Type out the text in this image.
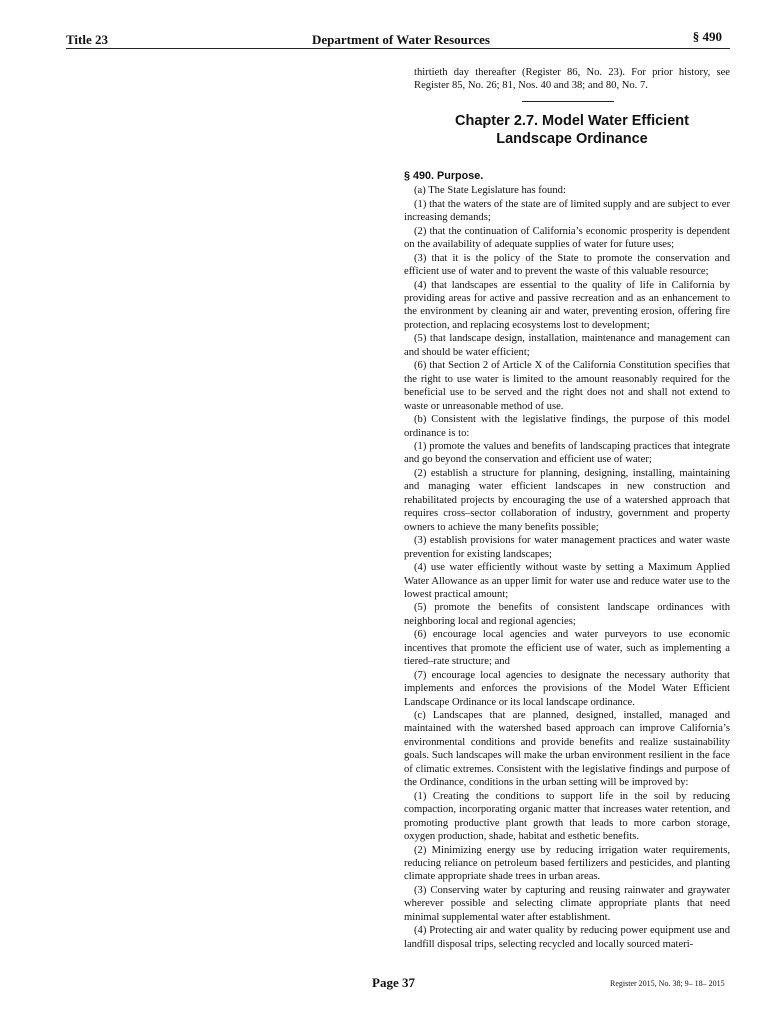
Title 23	Department of Water Resources	§ 490

thirtieth day thereafter (Register 86, No. 23). For prior history, see Register 85, No. 26; 81, Nos. 40 and 38; and 80, No. 7.

Chapter 2.7. Model Water Efficient
Landscape Ordinance
§ 490. Purpose.

(a) The State Legislature has found:

(1) that the waters of the state are of limited supply and are subject to ever increasing demands;

(2) that the continuation of California’s economic prosperity is dependent on the availability of adequate supplies of water for future uses;

(3) that it is the policy of the State to promote the conservation and efficient use of water and to prevent the waste of this valuable resource;

(4) that landscapes are essential to the quality of life in California by providing areas for active and passive recreation and as an enhancement to the environment by cleaning air and water, preventing erosion, offering fire protection, and replacing ecosystems lost to development;

(5) that landscape design, installation, maintenance and management can and should be water efficient;

(6) that Section 2 of Article X of the California Constitution specifies that the right to use water is limited to the amount reasonably required for the beneficial use to be served and the right does not and shall not extend to waste or unreasonable method of use.

(b) Consistent with the legislative findings, the purpose of this model ordinance is to:

(1) promote the values and benefits of landscaping practices that integrate and go beyond the conservation and efficient use of water;

(2) establish a structure for planning, designing, installing, maintaining and managing water efficient landscapes in new construction and rehabilitated projects by encouraging the use of a watershed approach that requires cross–sector collaboration of industry, government and property owners to achieve the many benefits possible;

(3) establish provisions for water management practices and water waste prevention for existing landscapes;

(4) use water efficiently without waste by setting a Maximum Applied Water Allowance as an upper limit for water use and reduce water use to the lowest practical amount;

(5) promote the benefits of consistent landscape ordinances with neighboring local and regional agencies;

(6) encourage local agencies and water purveyors to use economic incentives that promote the efficient use of water, such as implementing a tiered–rate structure; and

(7) encourage local agencies to designate the necessary authority that implements and enforces the provisions of the Model Water Efficient Landscape Ordinance or its local landscape ordinance.

(c) Landscapes that are planned, designed, installed, managed and maintained with the watershed based approach can improve California’s environmental conditions and provide benefits and realize sustainability goals. Such landscapes will make the urban environment resilient in the face of climatic extremes. Consistent with the legislative findings and purpose of the Ordinance, conditions in the urban setting will be improved by:

(1) Creating the conditions to support life in the soil by reducing compaction, incorporating organic matter that increases water retention, and promoting productive plant growth that leads to more carbon storage, oxygen production, shade, habitat and esthetic benefits.

(2) Minimizing energy use by reducing irrigation water requirements, reducing reliance on petroleum based fertilizers and pesticides, and planting climate appropriate shade trees in urban areas.

(3) Conserving water by capturing and reusing rainwater and graywater wherever possible and selecting climate appropriate plants that need minimal supplemental water after establishment.

(4) Protecting air and water quality by reducing power equipment use and landfill disposal trips, selecting recycled and locally sourced materi-

Page 37	Register 2015, No. 38; 9– 18– 2015
